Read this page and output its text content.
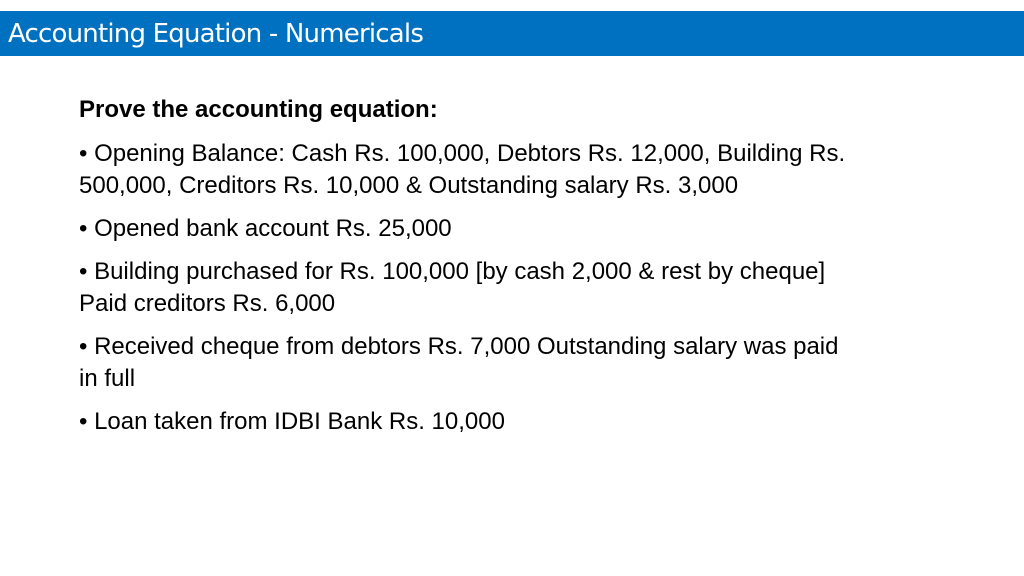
Accounting Equation - Numericals
Prove the accounting equation:
• Opening Balance: Cash Rs. 100,000, Debtors Rs. 12,000, Building Rs.
500,000, Creditors Rs. 10,000 & Outstanding salary Rs. 3,000
• Opened bank account Rs. 25,000
• Building purchased for Rs. 100,000 [by cash 2,000 & rest by cheque]
Paid creditors Rs. 6,000
• Received cheque from debtors Rs. 7,000 Outstanding salary was paid
in full
• Loan taken from IDBI Bank Rs. 10,000
